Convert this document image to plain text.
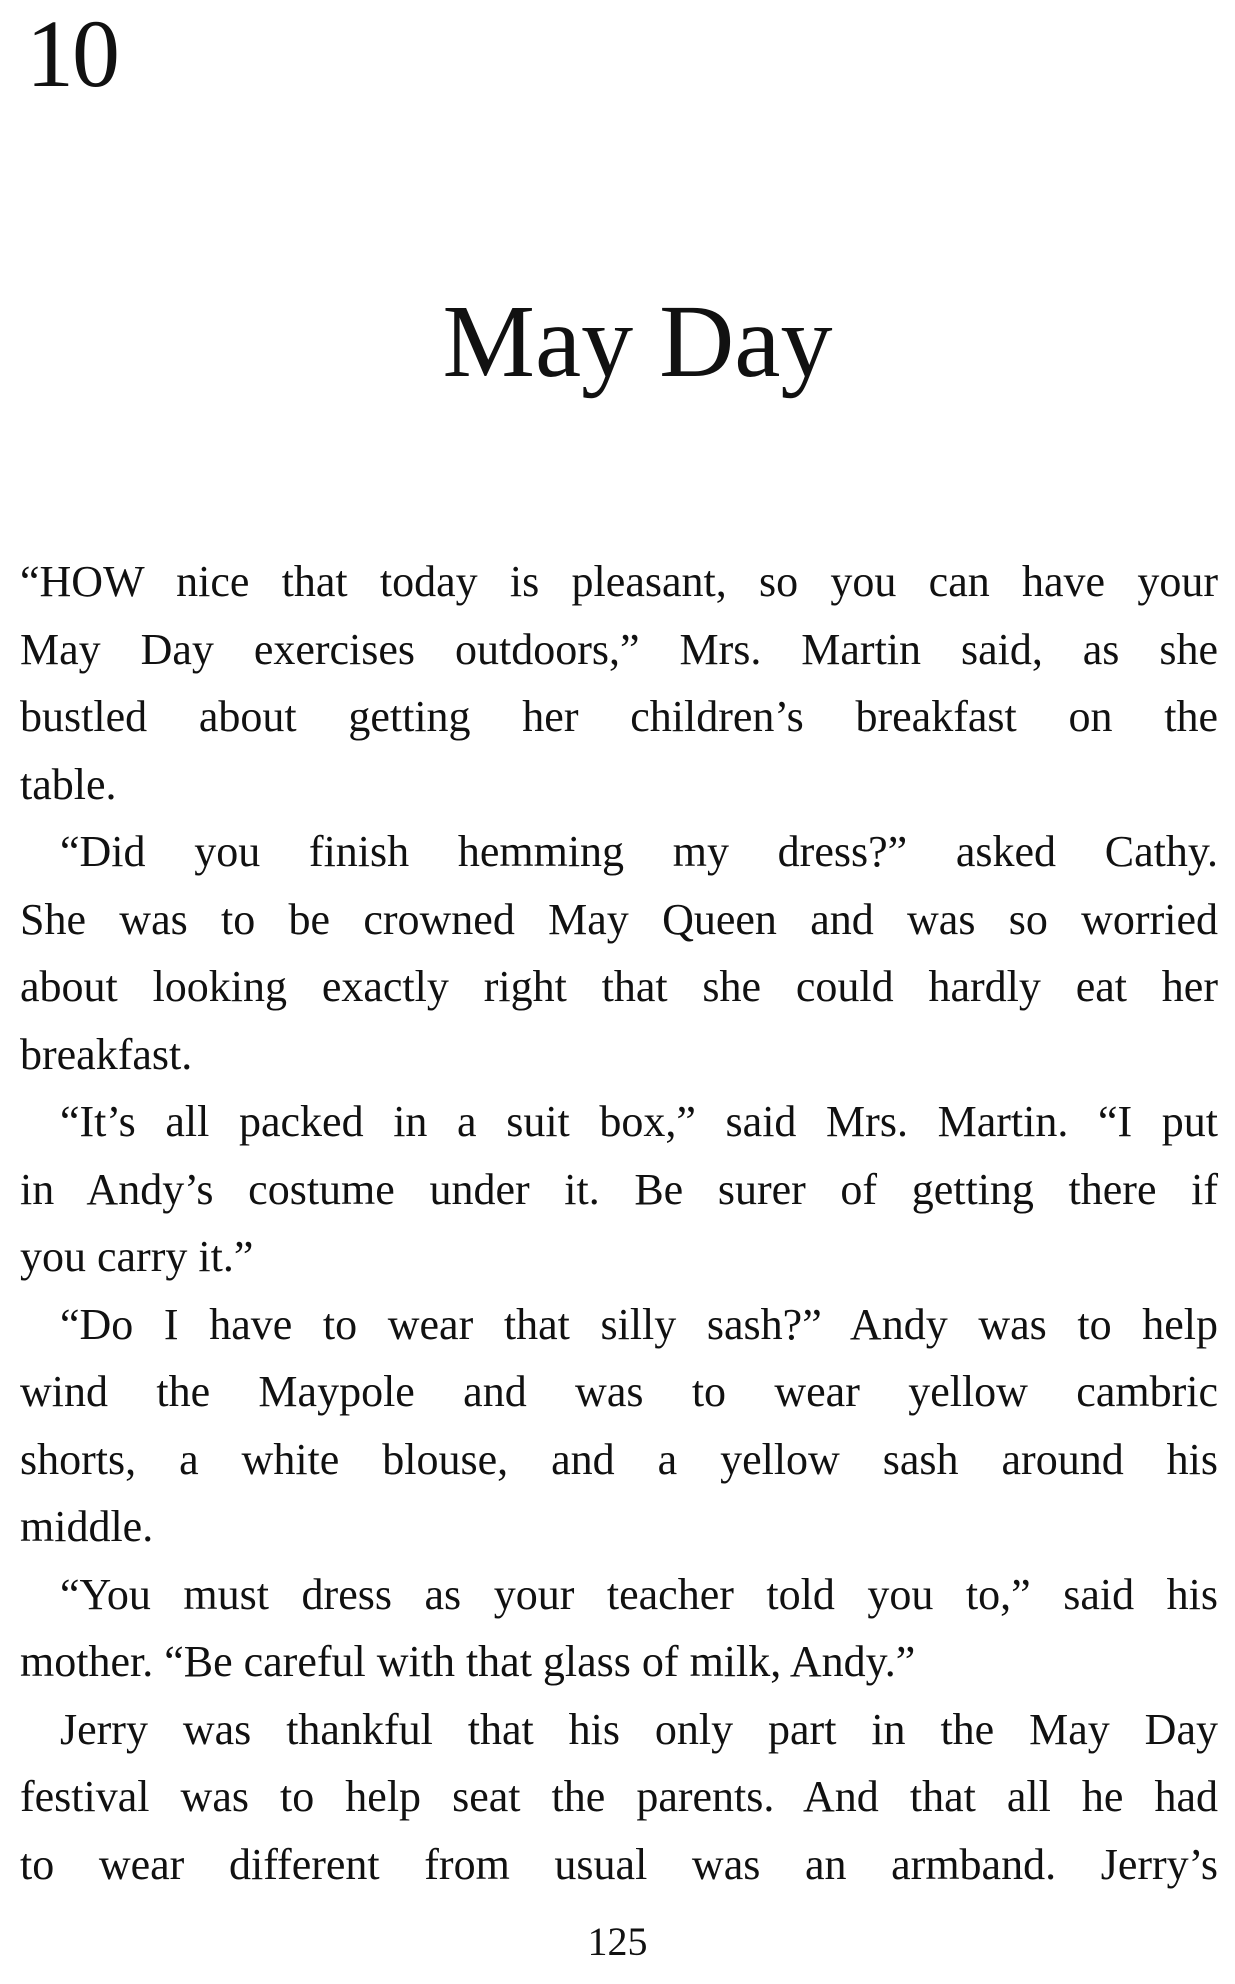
10
May Day

“HOW nice that today is pleasant, so you can have your
May Day exercises outdoors,” Mrs. Martin said, as she
bustled about getting her children’s breakfast on the
table.

“Did you finish hemming my dress?” asked Cathy.
She was to be crowned May Queen and was so worried
about looking exactly right that she could hardly eat her
breakfast.

“It’s all packed in a suit box,” said Mrs. Martin. “I put
in Andy’s costume under it. Be surer of getting there if
you carry it.”

“Do I have to wear that silly sash?” Andy was to help
wind the Maypole and was to wear yellow cambric
shorts, a white blouse, and a yellow sash around his
middle.

“You must dress as your teacher told you to,” said his
mother. “Be careful with that glass of milk, Andy.”

Jerry was thankful that his only part in the May Day
festival was to help seat the parents. And that all he had
to wear different from usual was an armband. Jerry’s

125
